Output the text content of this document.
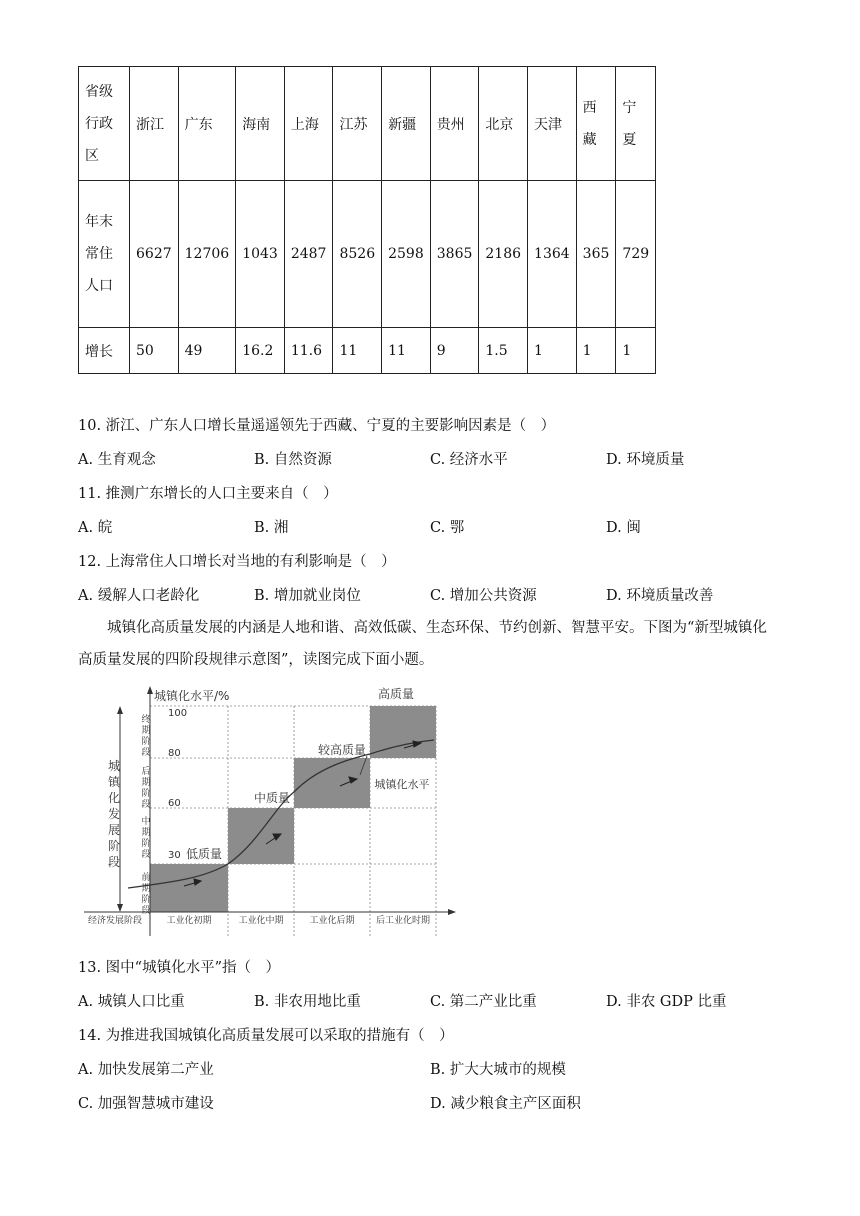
省级行政区	浙江	广东	海南	上海	江苏	新疆	贵州	北京	天津	西藏	宁夏

年末常住人口	6627	12706	1043	2487	8526	2598	3865	2186	1364	365	729
增长	50	49	16.2	11.6	11	11	9	1.5	1	1	1
10. 浙江、广东人口增长量遥遥领先于西藏、宁夏的主要影响因素是（　）
A. 生育观念	B. 自然资源	C. 经济水平	D. 环境质量
11. 推测广东增长的人口主要来自（　）
A. 皖	B. 湘	C. 鄂	D. 闽
12. 上海常住人口增长对当地的有利影响是（　）
A. 缓解人口老龄化	B. 增加就业岗位	C. 增加公共资源	D. 环境质量改善
城镇化高质量发展的内涵是人地和谐、高效低碳、生态环保、节约创新、智慧平安。下图为“新型城镇化高质量发展的四阶段规律示意图”，读图完成下面小题。
城镇化水平/%
100
80
60
30
城
镇
化
发
展
阶
段
终
期
阶
段
后
期
阶
段
中
期
阶
段
前
期
阶
段
经济发展阶段	工业化初期	工业化中期	工业化后期 后工业化时期
高质量
较高质量
中质量
低质量
城镇化水平
13. 图中“城镇化水平”指（　）
A. 城镇人口比重	B. 非农用地比重	C. 第二产业比重	D. 非农 GDP 比重
14. 为推进我国城镇化高质量发展可以采取的措施有（　）
A. 加快发展第二产业	B. 扩大大城市的规模
C. 加强智慧城市建设	D. 减少粮食主产区面积
